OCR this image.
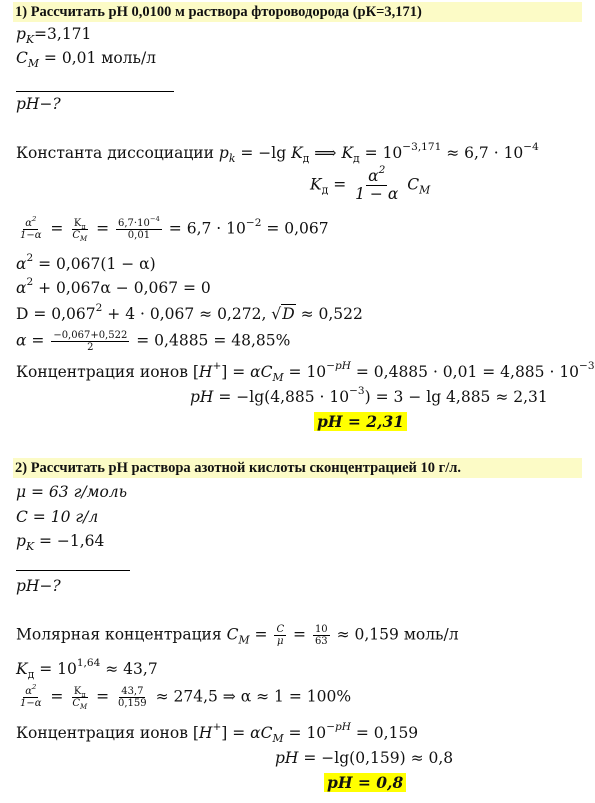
1) Рассчитать рН 0,0100 м раствора фтороводорода (рК=3,171)
$p_K=3,171$
$C_M = 0,01$ моль/л
pH−?
Константа диссоциации $p_k = -\lg$ $K_д$ ⟹ $K_д = 10^{-3,171} \approx 6,7 \cdot 10^{-4}$
$K_д = \frac{\alpha^2}{1 - \alpha} C_M$
$\frac{\alpha^2}{1-\alpha} = \frac{K_д}{C_M} = \frac{6,7\cdot 10^{-4}}{0,01} = 6,7 \cdot 10^{-2} = 0,067$
$\alpha^2 = 0,067(1 - \alpha)$
$\alpha^2 + 0,067\alpha - 0,067 = 0$
$D = 0,067^2 + 4 \cdot 0,067 \approx 0,272$, √D ≈ 0,522
$\alpha = \frac{-0,067+0,522}{2} = 0,4885 = 48,85\%$
Концентрация ионов $[H^+] = \alpha C_M = 10^{-pH} = 0,4885 \cdot 0,01 = 4,885 \cdot 10^{-3}$
pH = $-\lg(4,885 \cdot 10^{-3}) = 3 - \lg 4,885 \approx 2,31$
pH = 2,31
2) Рассчитать рН раствора азотной кислоты сконцентрацией 10 г/л.
μ = 63 г/моль
C = 10 г/л
$p_K = -1,64$
pH−?
Молярная концентрация $C_M = \frac{C}{\mu} = \frac{10}{63} \approx 0,159$ моль/л
$K_д = 10^{1,64} \approx 43,7$
$\frac{\alpha^2}{1-\alpha} = \frac{K_д}{C_M} = \frac{43,7}{0,159} \approx 274,5$ ⇒ α ≈ 1 = 100%
Концентрация ионов $[H^+] = \alpha C_M = 10^{-pH} = 0,159$
pH = −lg(0,159) ≈ 0,8
pH = 0,8
